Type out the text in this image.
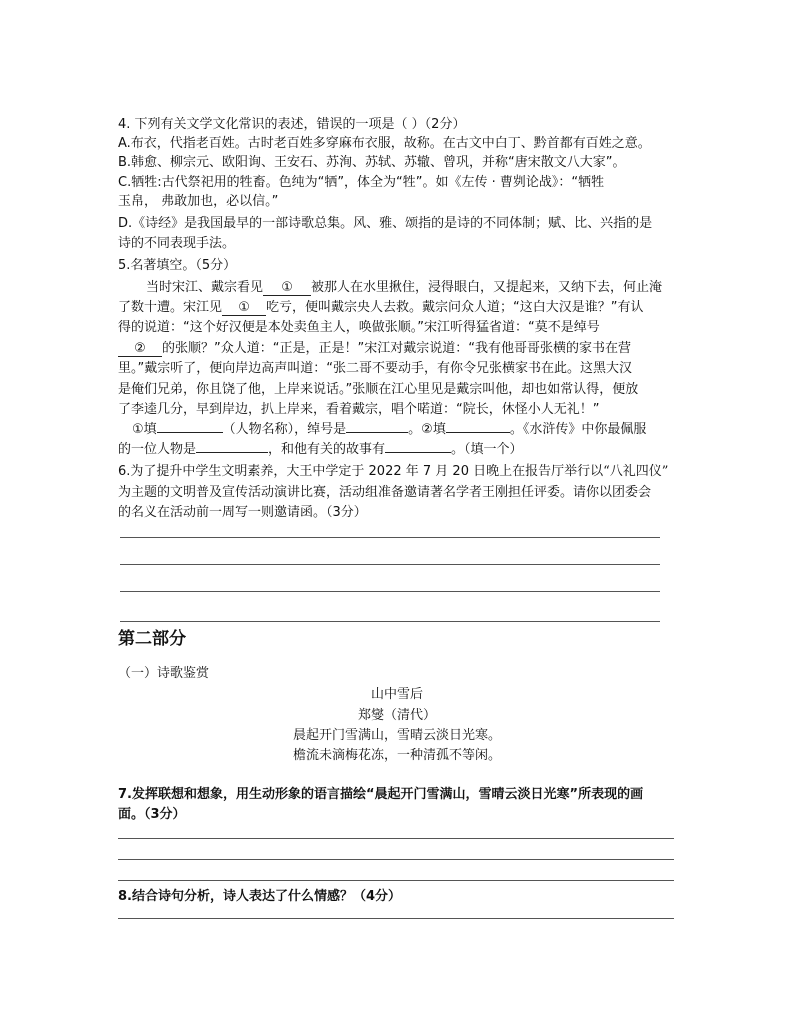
4. 下列有关文学文化常识的表述，错误的一项是（ ）（2分）
A.布衣，代指老百姓。古时老百姓多穿麻布衣服，故称。在古文中白丁、黔首都有百姓之意。
B.韩愈、柳宗元、欧阳询、王安石、苏洵、苏轼、苏辙、曾巩，并称“唐宋散文八大家”。
C.牺牲:古代祭祀用的牲畜。色纯为“牺”，体全为“牲”。如《左传 · 曹刿论战》：“牺牲
玉帛， 弗敢加也，必以信。”
D.《诗经》是我国最早的一部诗歌总集。风、雅、颂指的是诗的不同体制；赋、比、兴指的是
诗的不同表现手法。
5.名著填空。（5分）
当时宋江、戴宗看见 ① 被那人在水里揪住，浸得眼白，又提起来，又纳下去，何止淹
了数十遭。宋江见 ① 吃亏，便叫戴宗央人去救。戴宗问众人道；“这白大汉是谁？”有认
得的说道：“这个好汉便是本处卖鱼主人，唤做张顺。”宋江听得猛省道：“莫不是绰号
② 的张顺？”众人道：“正是，正是！”宋江对戴宗说道：“我有他哥哥张横的家书在营
里。”戴宗听了，便向岸边高声叫道：“张二哥不要动手，有你令兄张横家书在此。这黑大汉
是俺们兄弟，你且饶了他，上岸来说话。”张顺在江心里见是戴宗叫他，却也如常认得，便放
了李逵几分，早到岸边，扒上岸来，看着戴宗，唱个喏道：“院长，休怪小人无礼！”
①填	（人物名称），绰号是	。②填	。《水浒传》中你最佩服
的一位人物是	，和他有关的故事有	。（填一个）
6.为了提升中学生文明素养，大王中学定于 2022 年 7 月 20 日晚上在报告厅举行以“八礼四仪”
为主题的文明普及宣传活动演讲比赛，活动组准备邀请著名学者王刚担任评委。请你以团委会
的名义在活动前一周写一则邀请函。（3分）
第二部分
（一）诗歌鉴赏
山中雪后
郑燮（清代）
晨起开门雪满山，雪晴云淡日光寒。
檐流未滴梅花冻，一种清孤不等闲。
7.发挥联想和想象，用生动形象的语言描绘“晨起开门雪满山，雪晴云淡日光寒”所表现的画
面。（3分）
8.结合诗句分析，诗人表达了什么情感？（4分）
